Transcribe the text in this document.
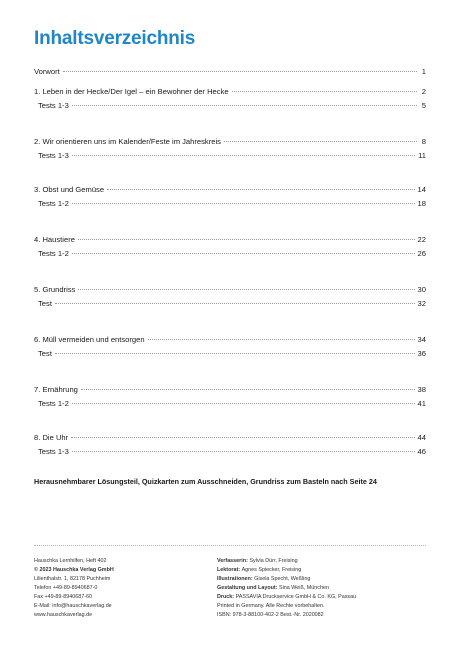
Inhaltsverzeichnis
Vorwort	1
1. Leben in der Hecke/Der Igel – ein Bewohner der Hecke	2
Tests 1-3	5
2. Wir orientieren uns im Kalender/Feste im Jahreskreis	8
Tests 1-3	11
3. Obst und Gemüse	14
Tests 1-2	18
4. Haustiere	22
Tests 1-2	26
5. Grundriss	30
Test	32
6. Müll vermeiden und entsorgen	34
Test	36
7. Ernährung	38
Tests 1-2	41
8. Die Uhr	44
Tests 1-3	46
Herausnehmbarer Lösungsteil, Quizkarten zum Ausschneiden, Grundriss zum Basteln nach Seite 24
Hauschka Lernhilfen, Heft 402
© 2023 Hauschka Verlag GmbH
Lilienthalstr. 1, 82178 Puchheim
Telefon +49-89-8940687-0
Fax +49-89-8940687-60
E-Mail: info@hauschkaverlag.de
www.hauschkaverlag.de
Verfasserin: Sylvia Dürr, Freising
Lektorat: Agnes Spiecker, Freising
Illustrationen: Gisela Specht, Weßling
Gestaltung und Layout: Sina Weiß, München
Druck: PASSAVIA Druckservice GmbH & Co. KG, Passau
Printed in Germany. Alle Rechte vorbehalten.
ISBN: 978-3-88100-402-2 Best.-Nr. 2020082
